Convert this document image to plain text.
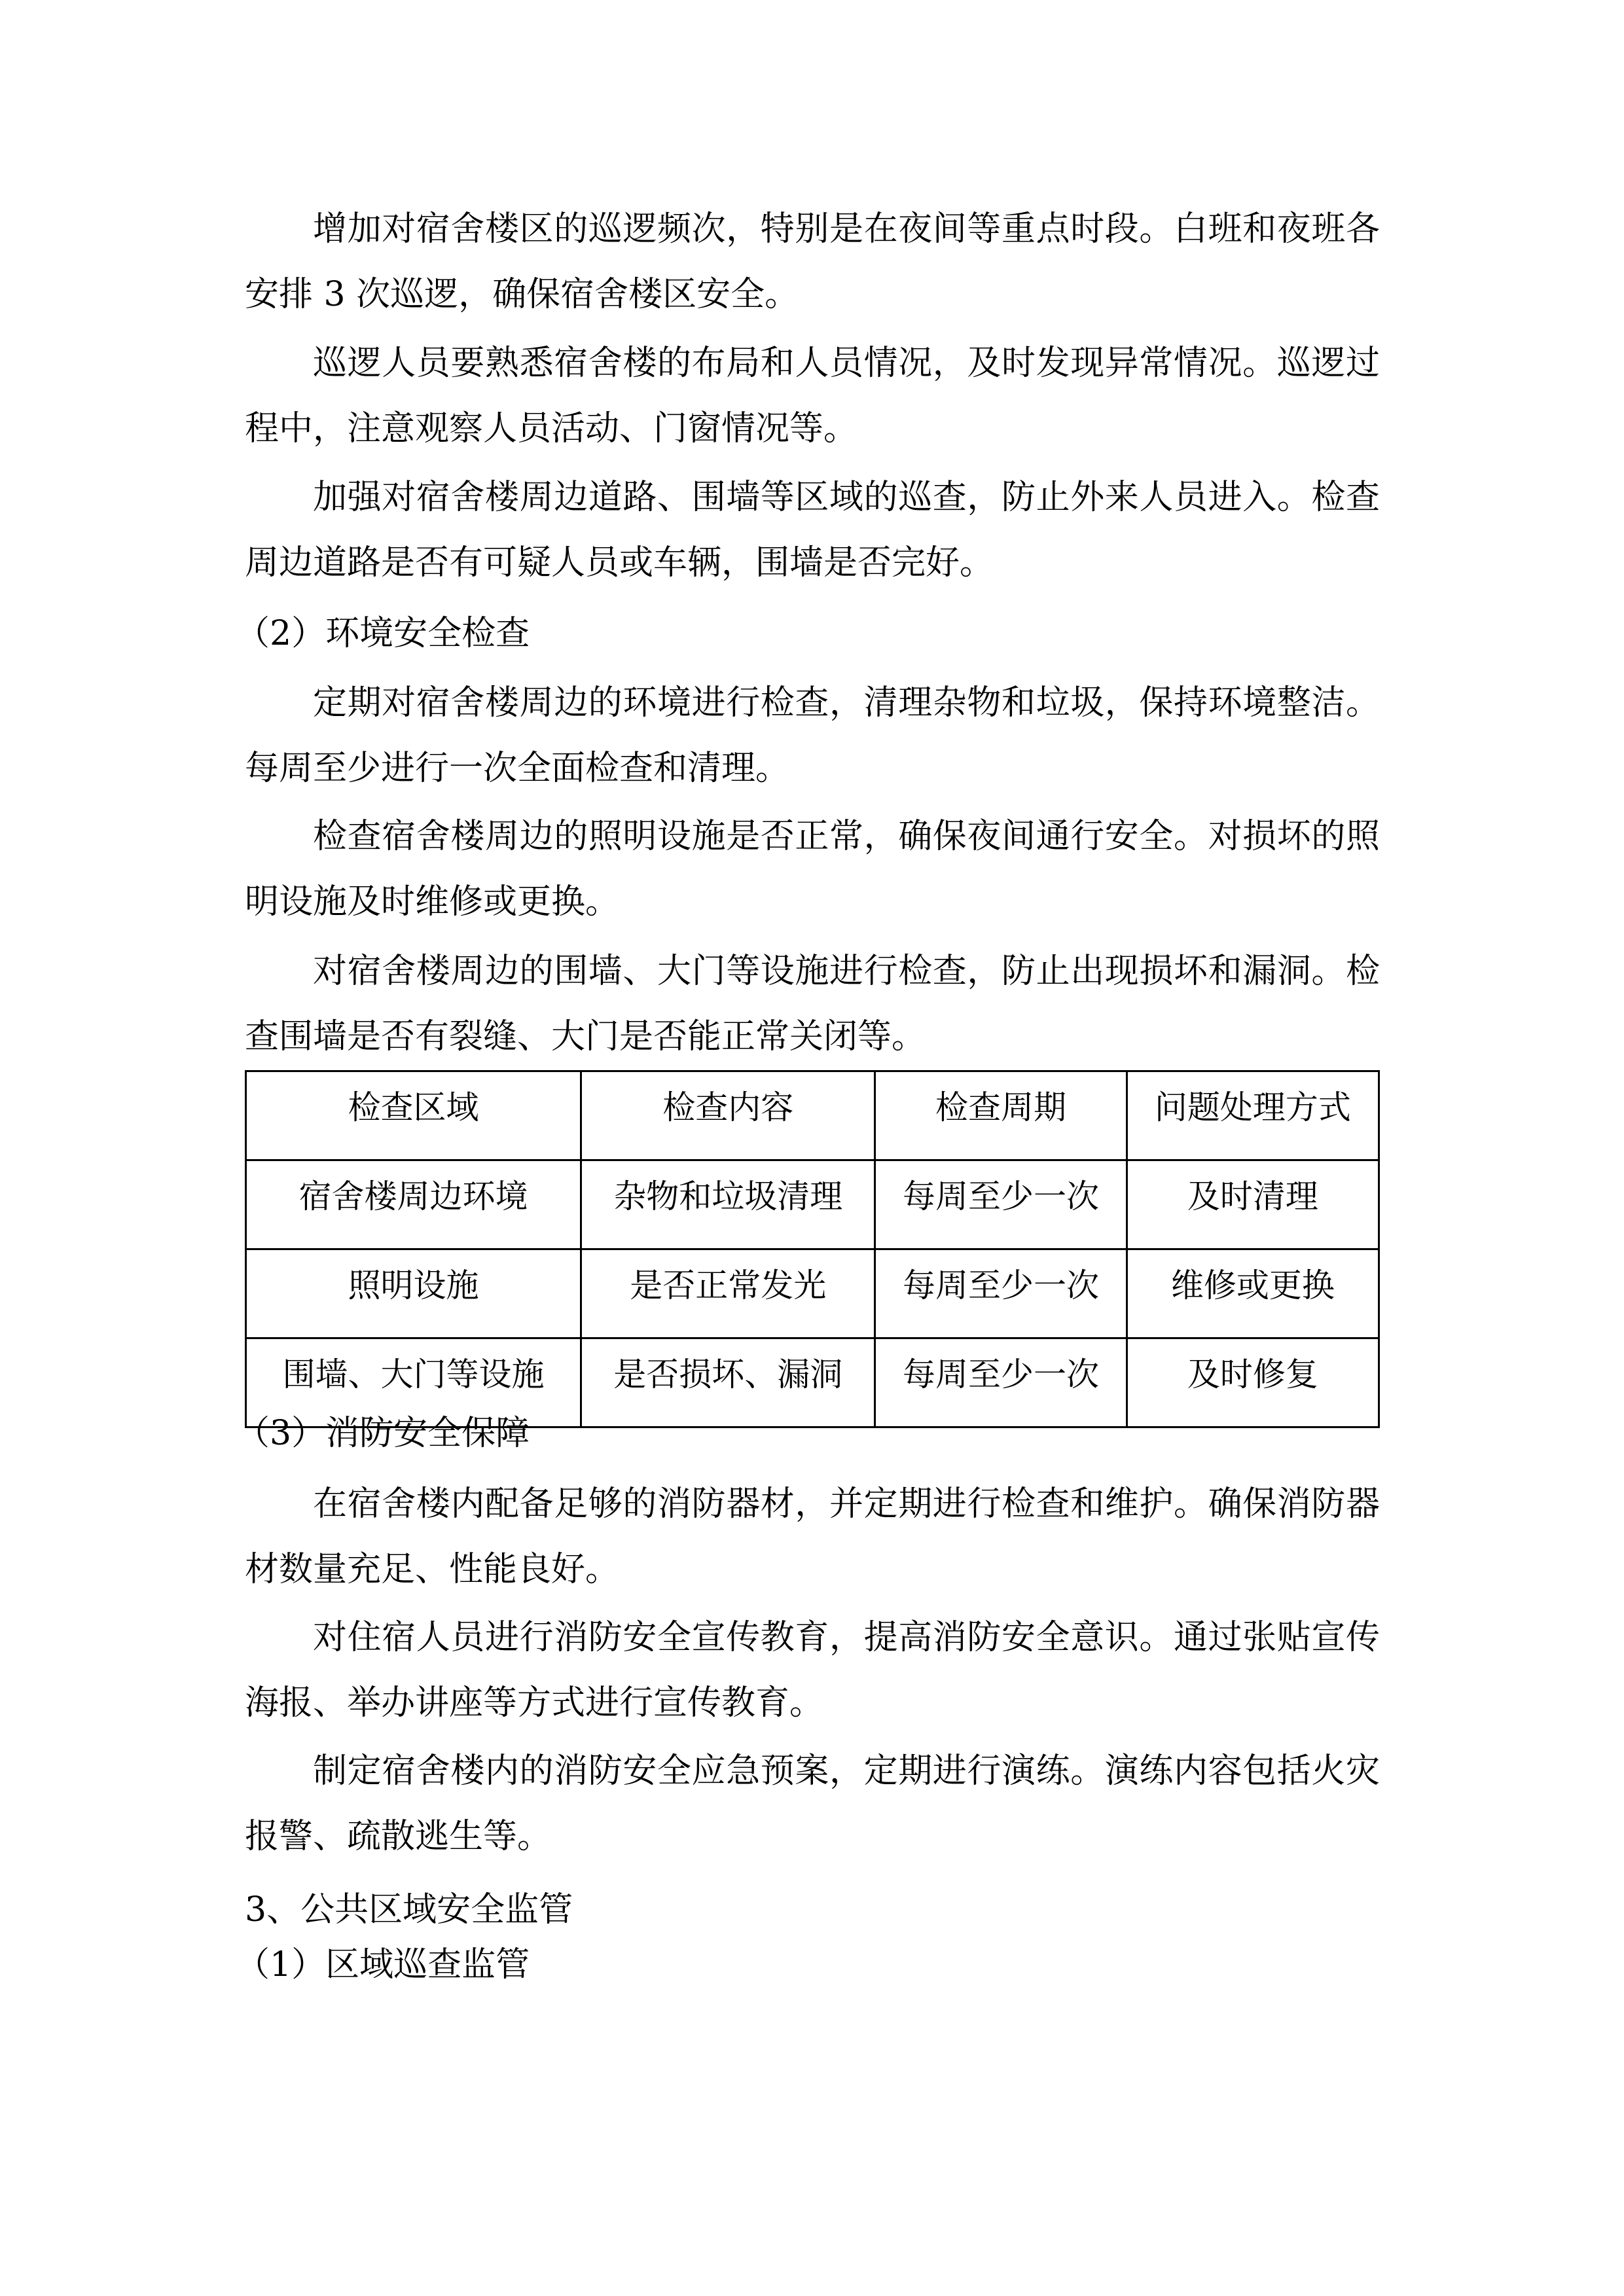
增加对宿舍楼区的巡逻频次，特别是在夜间等重点时段。白班和夜班各安排 3 次巡逻，确保宿舍楼区安全。

巡逻人员要熟悉宿舍楼的布局和人员情况，及时发现异常情况。巡逻过程中，注意观察人员活动、门窗情况等。

加强对宿舍楼周边道路、围墙等区域的巡查，防止外来人员进入。检查周边道路是否有可疑人员或车辆，围墙是否完好。

（2）环境安全检查

定期对宿舍楼周边的环境进行检查，清理杂物和垃圾，保持环境整洁。每周至少进行一次全面检查和清理。

检查宿舍楼周边的照明设施是否正常，确保夜间通行安全。对损坏的照明设施及时维修或更换。

对宿舍楼周边的围墙、大门等设施进行检查，防止出现损坏和漏洞。检查围墙是否有裂缝、大门是否能正常关闭等。

检查区域	检查内容	检查周期	问题处理方式
宿舍楼周边环境	杂物和垃圾清理	每周至少一次	及时清理
照明设施	是否正常发光	每周至少一次	维修或更换
围墙、大门等设施	是否损坏、漏洞	每周至少一次	及时修复

（3）消防安全保障

在宿舍楼内配备足够的消防器材，并定期进行检查和维护。确保消防器材数量充足、性能良好。

对住宿人员进行消防安全宣传教育，提高消防安全意识。通过张贴宣传海报、举办讲座等方式进行宣传教育。

制定宿舍楼内的消防安全应急预案，定期进行演练。演练内容包括火灾报警、疏散逃生等。

3、公共区域安全监管

（1）区域巡查监管
